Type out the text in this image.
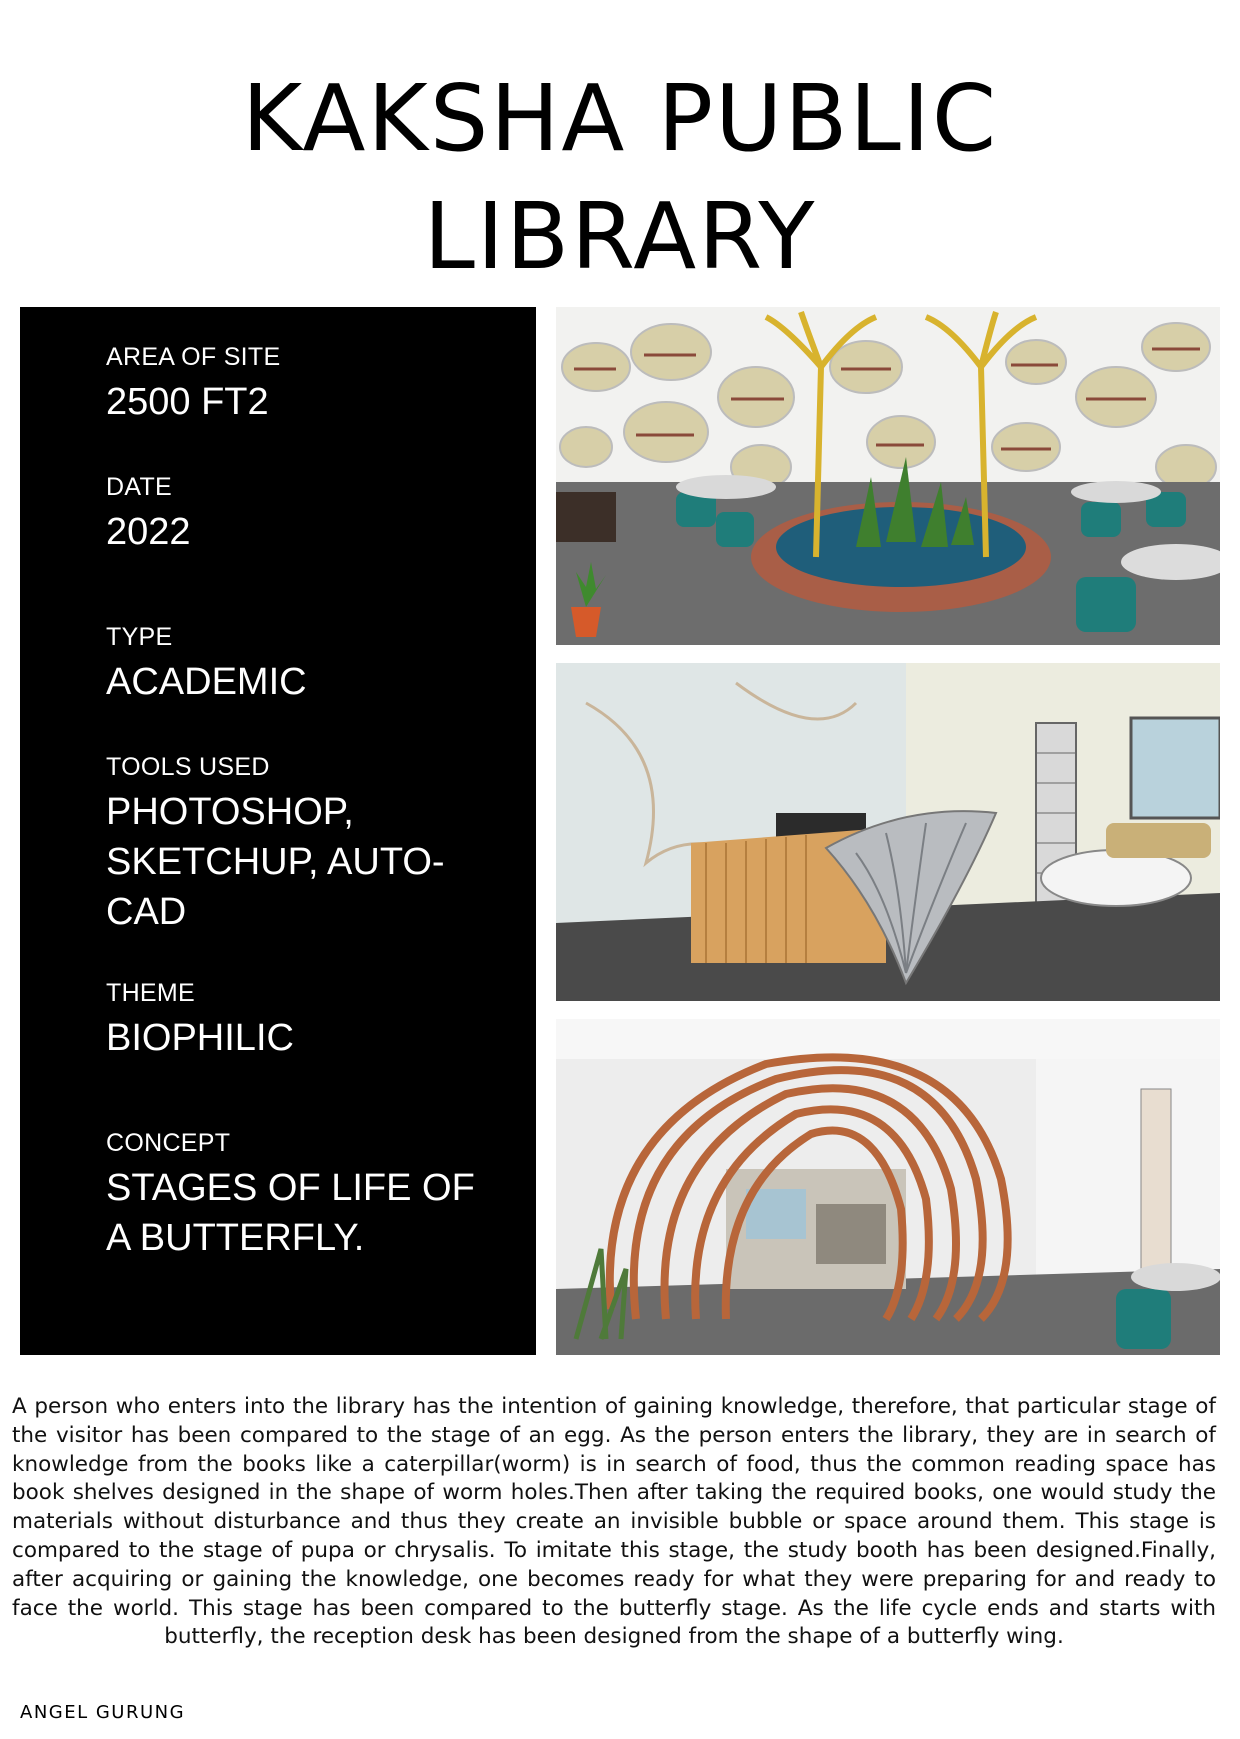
KAKSHA PUBLIC
LIBRARY
AREA OF SITE
2500 FT2
DATE
2022
TYPE
ACADEMIC
TOOLS USED
PHOTOSHOP,
SKETCHUP, AUTO-
CAD
THEME
BIOPHILIC
CONCEPT
STAGES OF LIFE OF
A BUTTERFLY.

A person who enters into the library has the intention of gaining knowledge, therefore, that particular stage of the visitor has been compared to the stage of an egg. As the person enters the library, they are in search of knowledge from the books like a caterpillar(worm) is in search of food, thus the common reading space has book shelves designed in the shape of worm holes.Then after taking the required books, one would study the materials without disturbance and thus they create an invisible bubble or space around them. This stage is compared to the stage of pupa or chrysalis. To imitate this stage, the study booth has been designed.Finally, after acquiring or gaining the knowledge, one becomes ready for what they were preparing for and ready to face the world. This stage has been compared to the butterfly stage. As the life cycle ends and starts with butterfly, the reception desk has been designed from the shape of a butterfly wing.

ANGEL GURUNG
